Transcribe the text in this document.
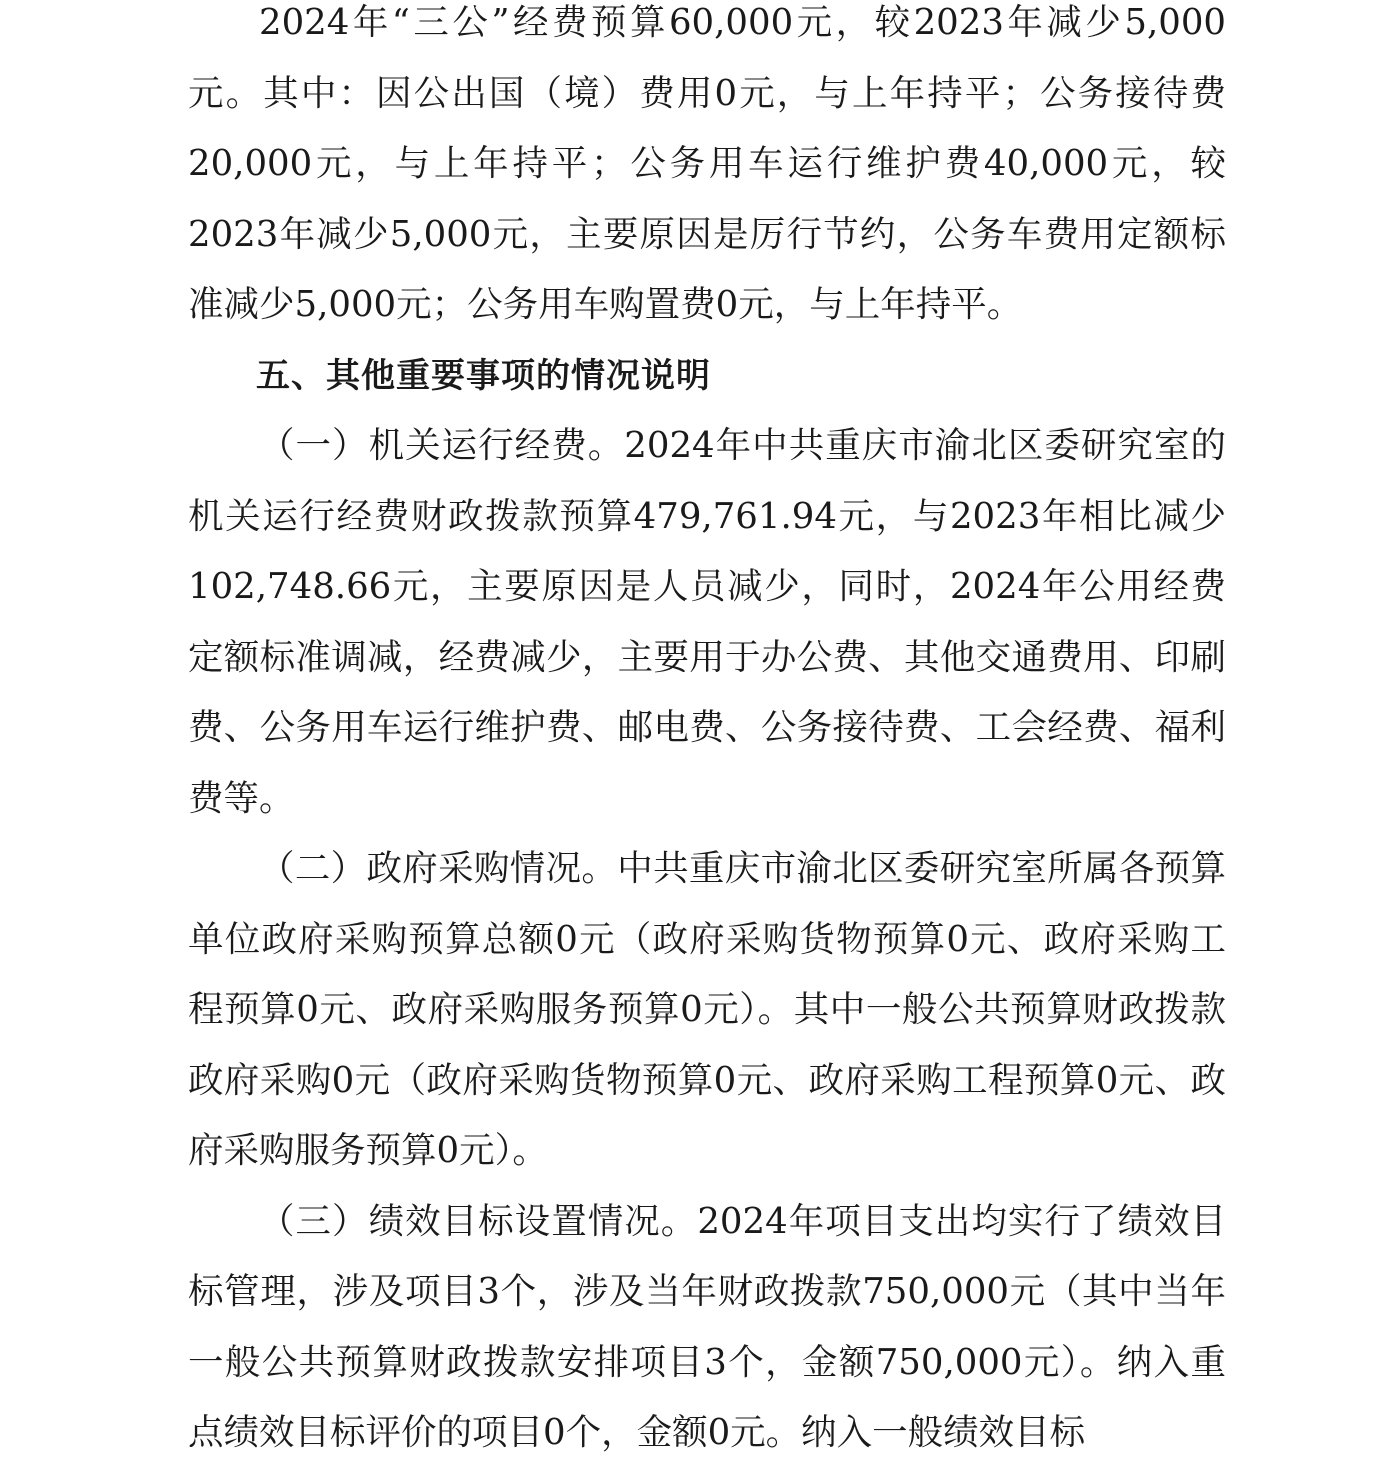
2024年“三公”经费预算60,000元，较2023年减少5,000元。其中：因公出国（境）费用0元，与上年持平；公务接待费20,000元，与上年持平；公务用车运行维护费40,000元，较2023年减少5,000元，主要原因是厉行节约，公务车费用定额标准减少5,000元；公务用车购置费0元，与上年持平。

五、其他重要事项的情况说明

（一）机关运行经费。2024年中共重庆市渝北区委研究室的机关运行经费财政拨款预算479,761.94元，与2023年相比减少102,748.66元，主要原因是人员减少，同时，2024年公用经费定额标准调减，经费减少，主要用于办公费、其他交通费用、印刷费、公务用车运行维护费、邮电费、公务接待费、工会经费、福利费等。

（二）政府采购情况。中共重庆市渝北区委研究室所属各预算单位政府采购预算总额0元（政府采购货物预算0元、政府采购工程预算0元、政府采购服务预算0元）。其中一般公共预算财政拨款政府采购0元（政府采购货物预算0元、政府采购工程预算0元、政府采购服务预算0元）。

（三）绩效目标设置情况。2024年项目支出均实行了绩效目标管理，涉及项目3个，涉及当年财政拨款750,000元（其中当年一般公共预算财政拨款安排项目3个，金额750,000元）。纳入重点绩效目标评价的项目0个，金额0元。纳入一般绩效目标
